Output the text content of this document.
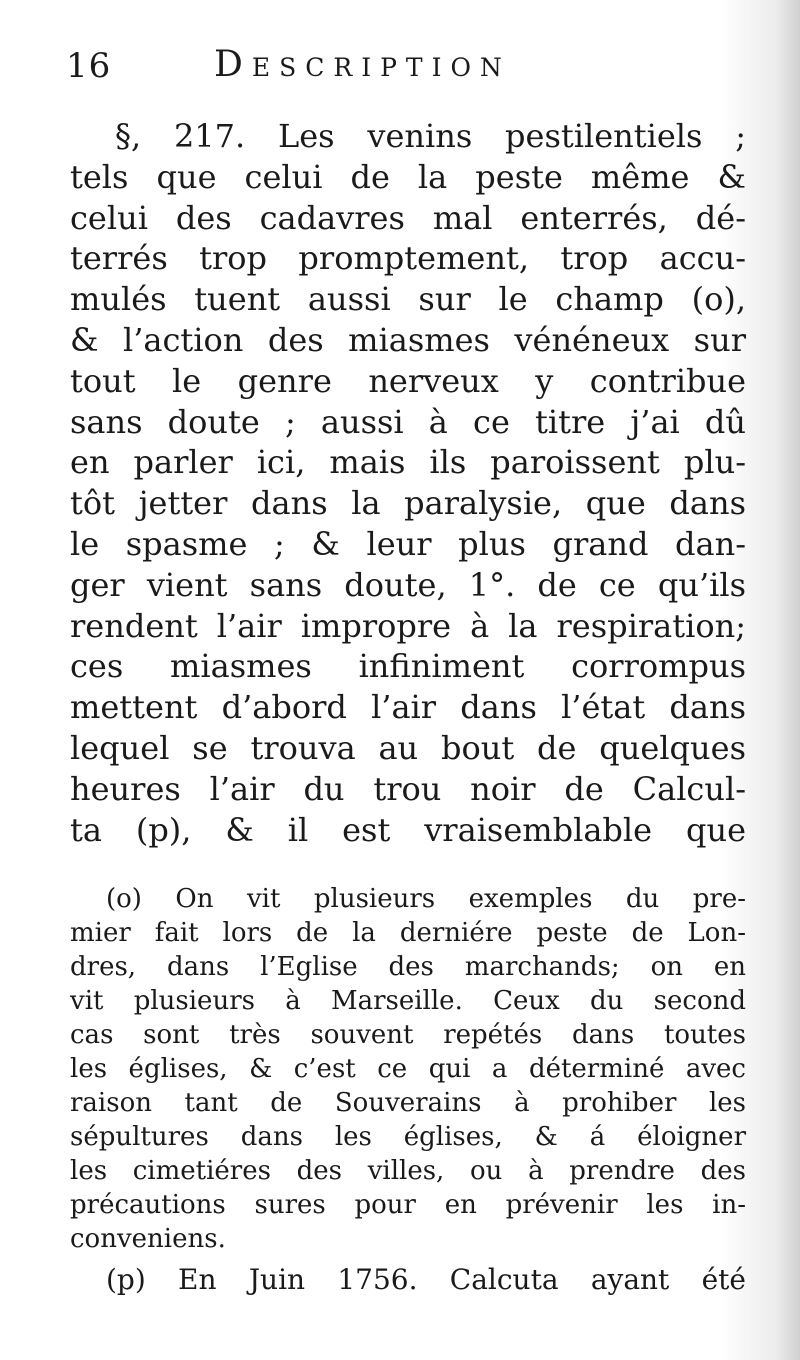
16	Description
§, 217. Les venins pestilentiels ;
tels que celui de la peste même &
celui des cadavres mal enterrés, dé-
terrés trop promptement, trop accu-
mulés tuent aussi sur le champ (o),
& l’action des miasmes vénéneux sur
tout le genre nerveux y contribue
sans doute ; aussi à ce titre j’ai dû
en parler ici, mais ils paroissent plu-
tôt jetter dans la paralysie, que dans
le spasme ; & leur plus grand dan-
ger vient sans doute, 1°. de ce qu’ils
rendent l’air impropre à la respiration;
ces miasmes infiniment corrompus
mettent d’abord l’air dans l’état dans
lequel se trouva au bout de quelques
heures l’air du trou noir de Calcul-
ta (p), & il est vraisemblable que
(o) On vit plusieurs exemples du pre-
mier fait lors de la derniére peste de Lon-
dres, dans l’Eglise des marchands; on en
vit plusieurs à Marseille. Ceux du second
cas sont très souvent repétés dans toutes
les églises, & c’est ce qui a déterminé avec
raison tant de Souverains à prohiber les
sépultures dans les églises, & á éloigner
les cimetiéres des villes, ou à prendre des
précautions sures pour en prévenir les in-
conveniens.
(p) En Juin 1756. Calcuta ayant été
